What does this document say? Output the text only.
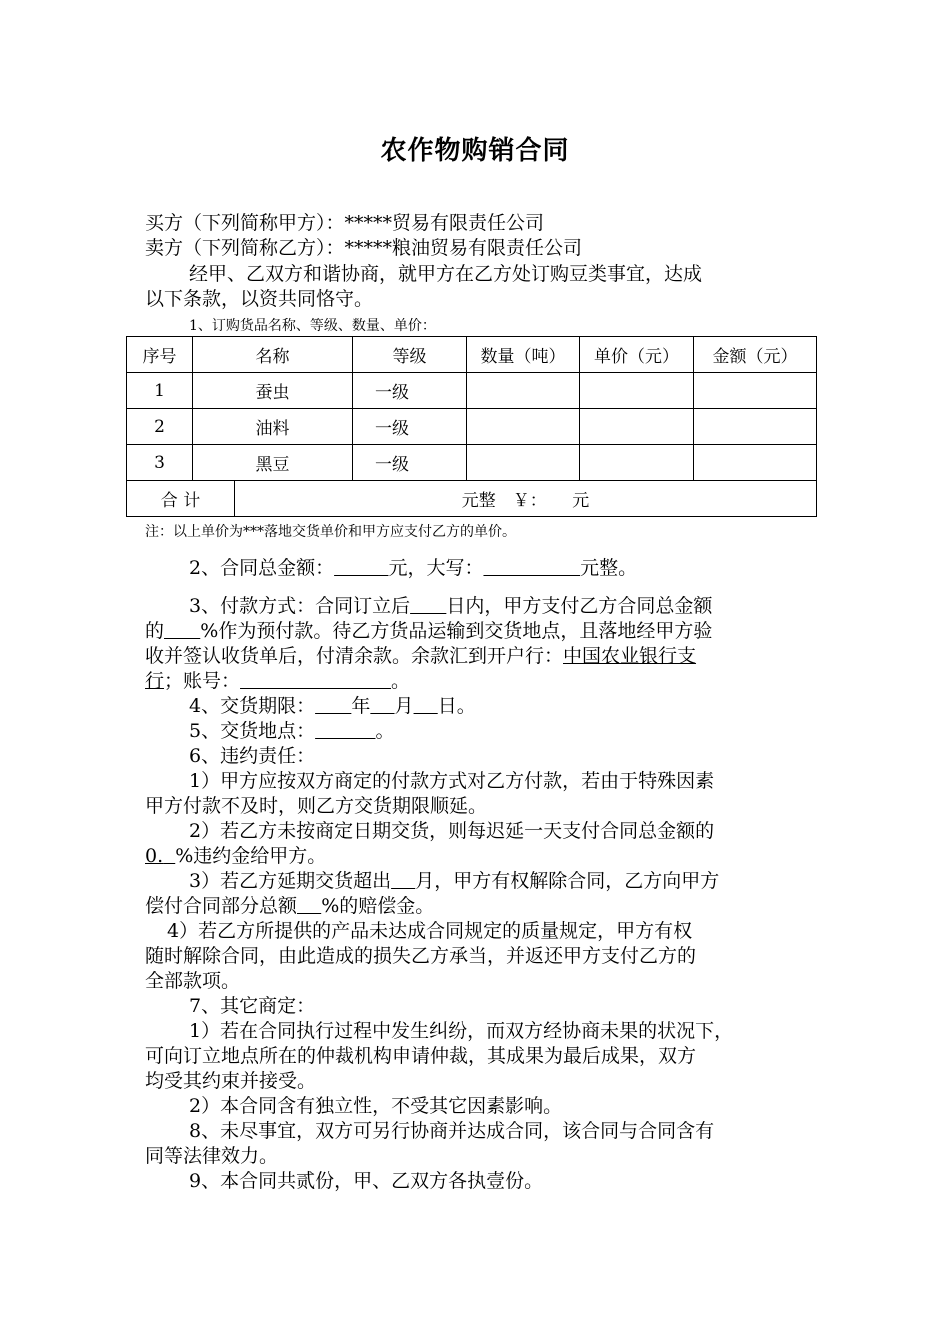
农作物购销合同
买方（下列简称甲方）：*****贸易有限责任公司
卖方（下列简称乙方）：*****粮油贸易有限责任公司
经甲、乙双方和谐协商，就甲方在乙方处订购豆类事宜，达成
以下条款，以资共同恪守。
1、订购货品名称、等级、数量、单价：
序号	名称		等级	数量（吨）	单价（元）	金额（元）
1	蚕虫		一级			
2	油料		一级			
3	黑豆		一级			
合 计		元整　￥：　　元				
注：以上单价为***落地交货单价和甲方应支付乙方的单价。
2、合同总金额：	元，大写：	元整。
3、付款方式：合同订立后 日内，甲方支付乙方合同总金额
的 %作为预付款。待乙方货品运输到交货地点，且落地经甲方验
收并签认收货单后，付清余款。余款汇到开户行：中国农业银行支
行；账号：	。
4、交货期限： 年 月 日。
5、交货地点：	。
6、违约责任：
1）甲方应按双方商定的付款方式对乙方付款，若由于特殊因素
甲方付款不及时，则乙方交货期限顺延。
2）若乙方未按商定日期交货，则每迟延一天支付合同总金额的
0. %违约金给甲方。
3）若乙方延期交货超出 月，甲方有权解除合同，乙方向甲方
偿付合同部分总额 %的赔偿金。
4）若乙方所提供的产品未达成合同规定的质量规定，甲方有权
随时解除合同，由此造成的损失乙方承当，并返还甲方支付乙方的
全部款项。
7、其它商定：
1）若在合同执行过程中发生纠纷，而双方经协商未果的状况下，
可向订立地点所在的仲裁机构申请仲裁，其成果为最后成果，双方
均受其约束并接受。
2）本合同含有独立性，不受其它因素影响。
8、未尽事宜，双方可另行协商并达成合同，该合同与合同含有
同等法律效力。
9、本合同共贰份，甲、乙双方各执壹份。
